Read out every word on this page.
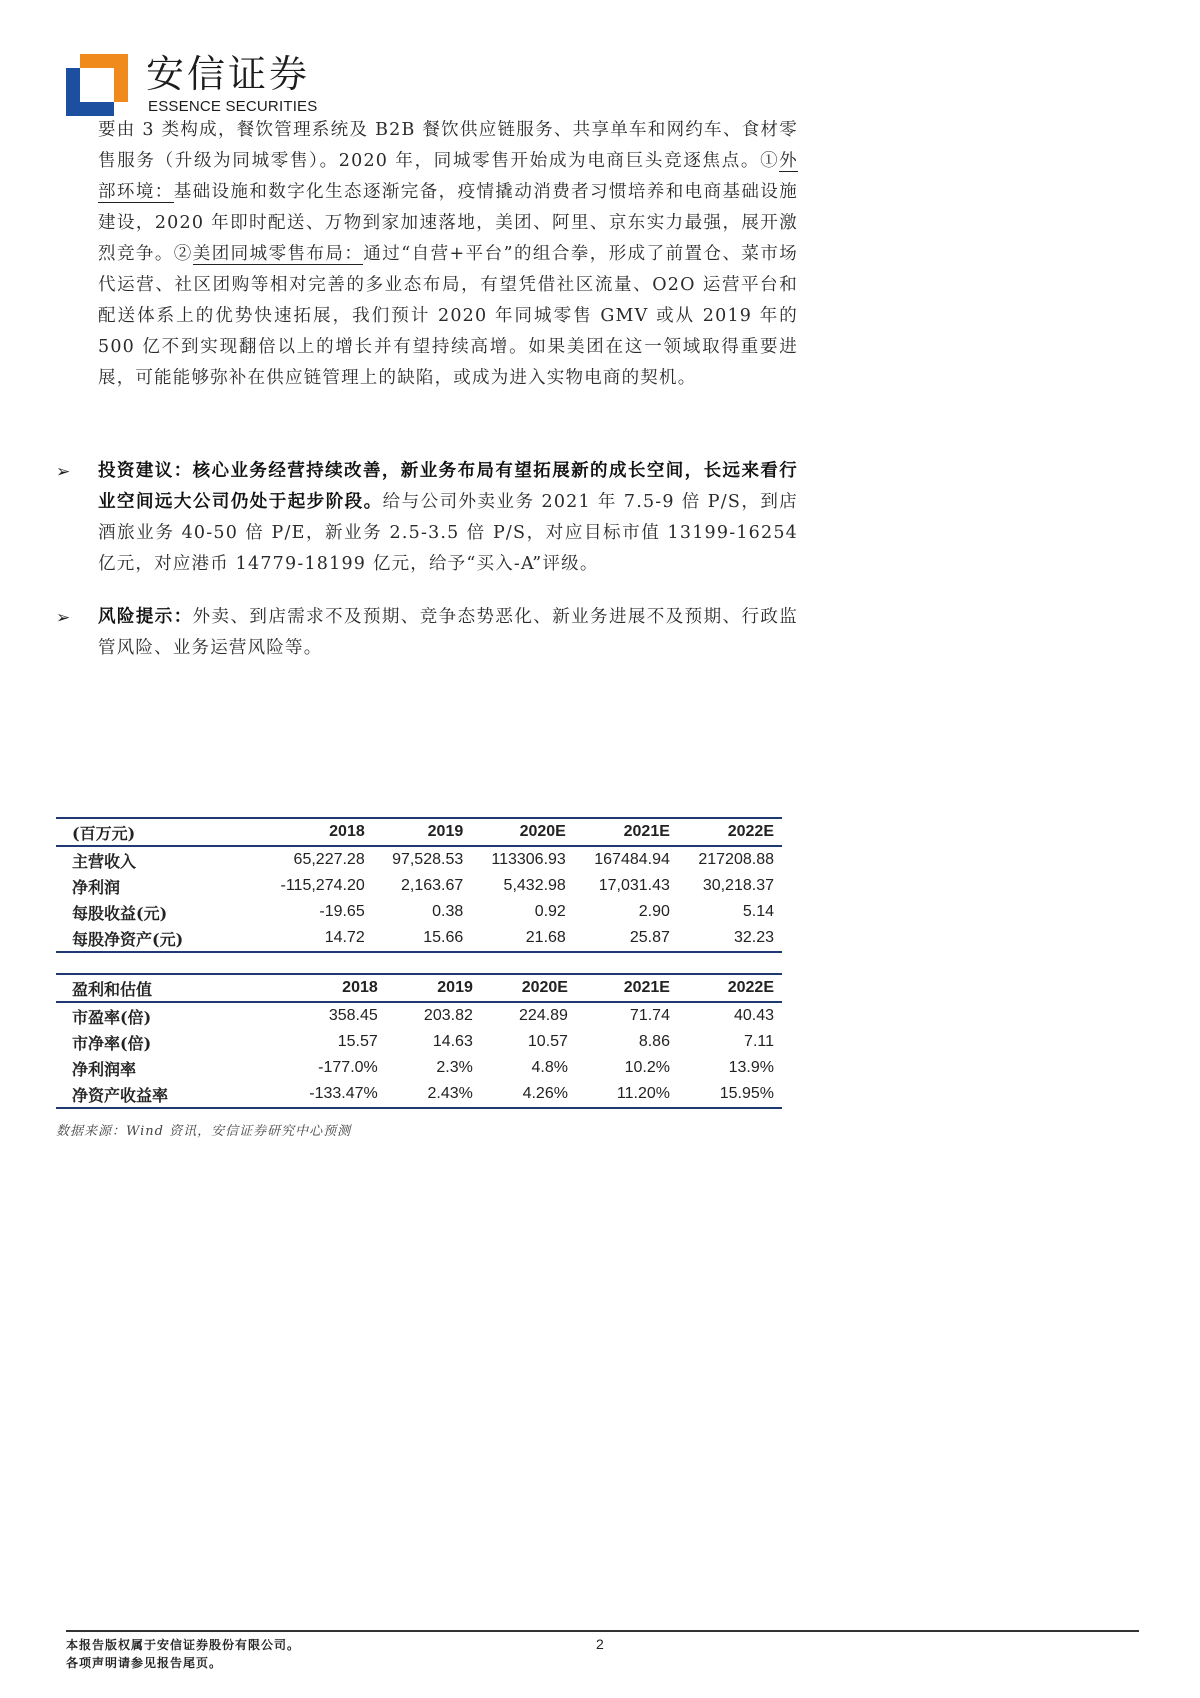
安信证券
ESSENCE SECURITIES
要由 3 类构成，餐饮管理系统及 B2B 餐饮供应链服务、共享单车和网约车、食材零售服务（升级为同城零售）。2020 年，同城零售开始成为电商巨头竞逐焦点。①外部环境：基础设施和数字化生态逐渐完备，疫情撬动消费者习惯培养和电商基础设施建设，2020 年即时配送、万物到家加速落地，美团、阿里、京东实力最强，展开激烈竞争。②美团同城零售布局：通过“自营+平台”的组合拳，形成了前置仓、菜市场代运营、社区团购等相对完善的多业态布局，有望凭借社区流量、O2O 运营平台和配送体系上的优势快速拓展，我们预计 2020 年同城零售 GMV 或从 2019 年的 500 亿不到实现翻倍以上的增长并有望持续高增。如果美团在这一领域取得重要进展，可能能够弥补在供应链管理上的缺陷，或成为进入实物电商的契机。
➢ 投资建议：核心业务经营持续改善，新业务布局有望拓展新的成长空间，长远来看行业空间远大公司仍处于起步阶段。给与公司外卖业务 2021 年 7.5-9 倍 P/S，到店酒旅业务 40-50 倍 P/E，新业务 2.5-3.5 倍 P/S，对应目标市值 13199-16254 亿元，对应港币 14779-18199 亿元，给予“买入-A”评级。
➢ 风险提示：外卖、到店需求不及预期、竞争态势恶化、新业务进展不及预期、行政监管风险、业务运营风险等。
(百万元)	2018	2019	2020E	2021E	2022E
主营收入	65,227.28	97,528.53	113306.93	167484.94	217208.88
净利润	-115,274.20	2,163.67	5,432.98	17,031.43	30,218.37
每股收益(元)	-19.65	0.38	0.92	2.90	5.14
每股净资产(元)	14.72	15.66	21.68	25.87	32.23
盈利和估值	2018	2019	2020E	2021E	2022E
市盈率(倍)	358.45	203.82	224.89	71.74	40.43
市净率(倍)	15.57	14.63	10.57	8.86	7.11
净利润率	-177.0%	2.3%	4.8%	10.2%	13.9%
净资产收益率	-133.47%	2.43%	4.26%	11.20%	15.95%
数据来源：Wind 资讯，安信证券研究中心预测
本报告版权属于安信证券股份有限公司。
各项声明请参见报告尾页。
2
